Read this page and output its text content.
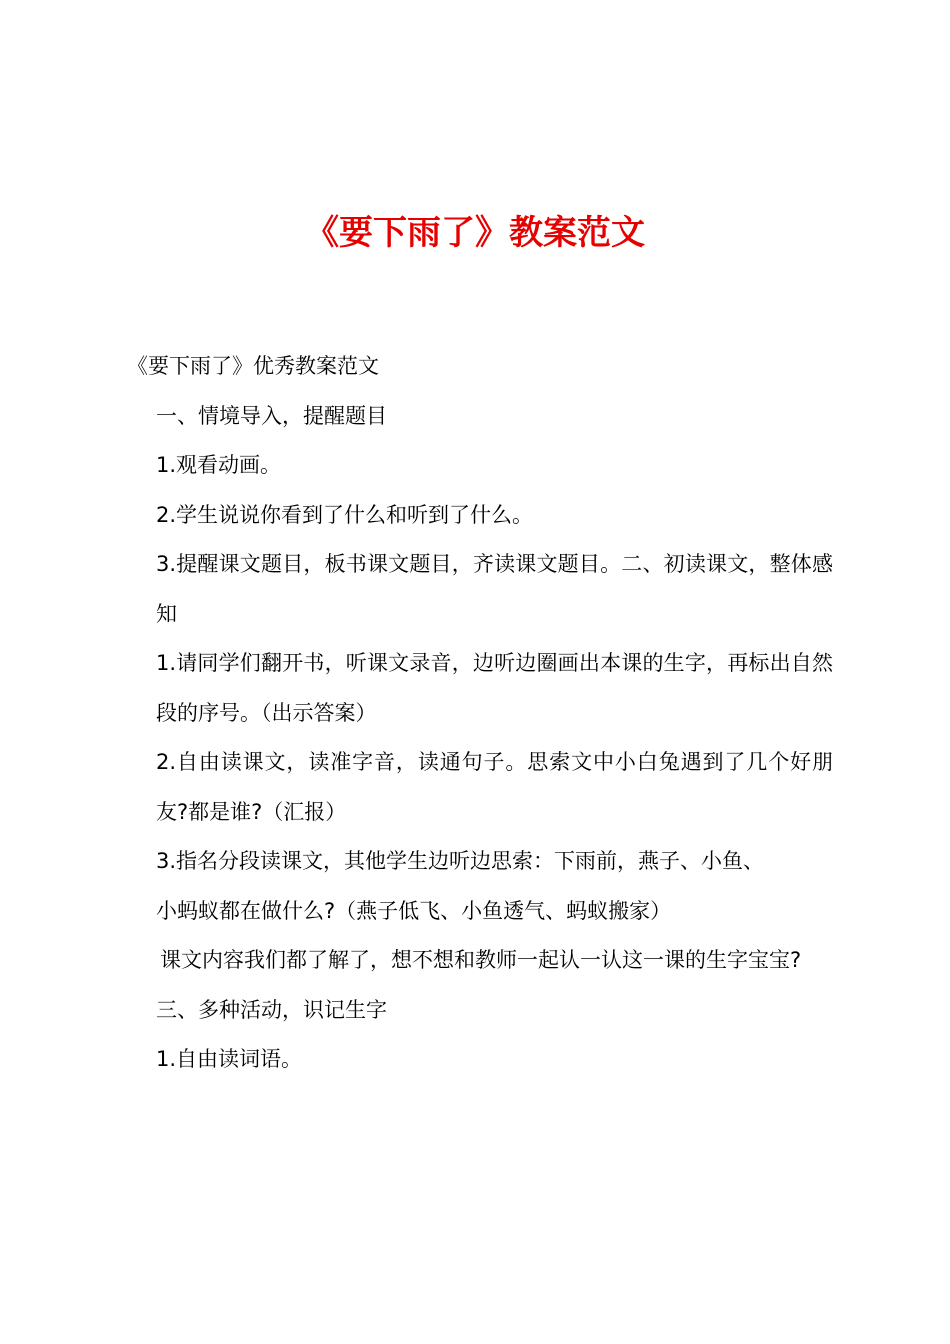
《要下雨了》教案范文

《要下雨了》优秀教案范文

一、情境导入，提醒题目

1.观看动画。

2.学生说说你看到了什么和听到了什么。

3.提醒课文题目，板书课文题目，齐读课文题目。二、初读课文，整体感知

1.请同学们翻开书，听课文录音，边听边圈画出本课的生字，再标出自然段的序号。（出示答案）

2.自由读课文，读准字音，读通句子。思索文中小白兔遇到了几个好朋友?都是谁?（汇报）

3.指名分段读课文，其他学生边听边思索：下雨前，燕子、小鱼、

小蚂蚁都在做什么?（燕子低飞、小鱼透气、蚂蚁搬家）

课文内容我们都了解了，想不想和教师一起认一认这一课的生字宝宝?

三、多种活动，识记生字

1.自由读词语。
